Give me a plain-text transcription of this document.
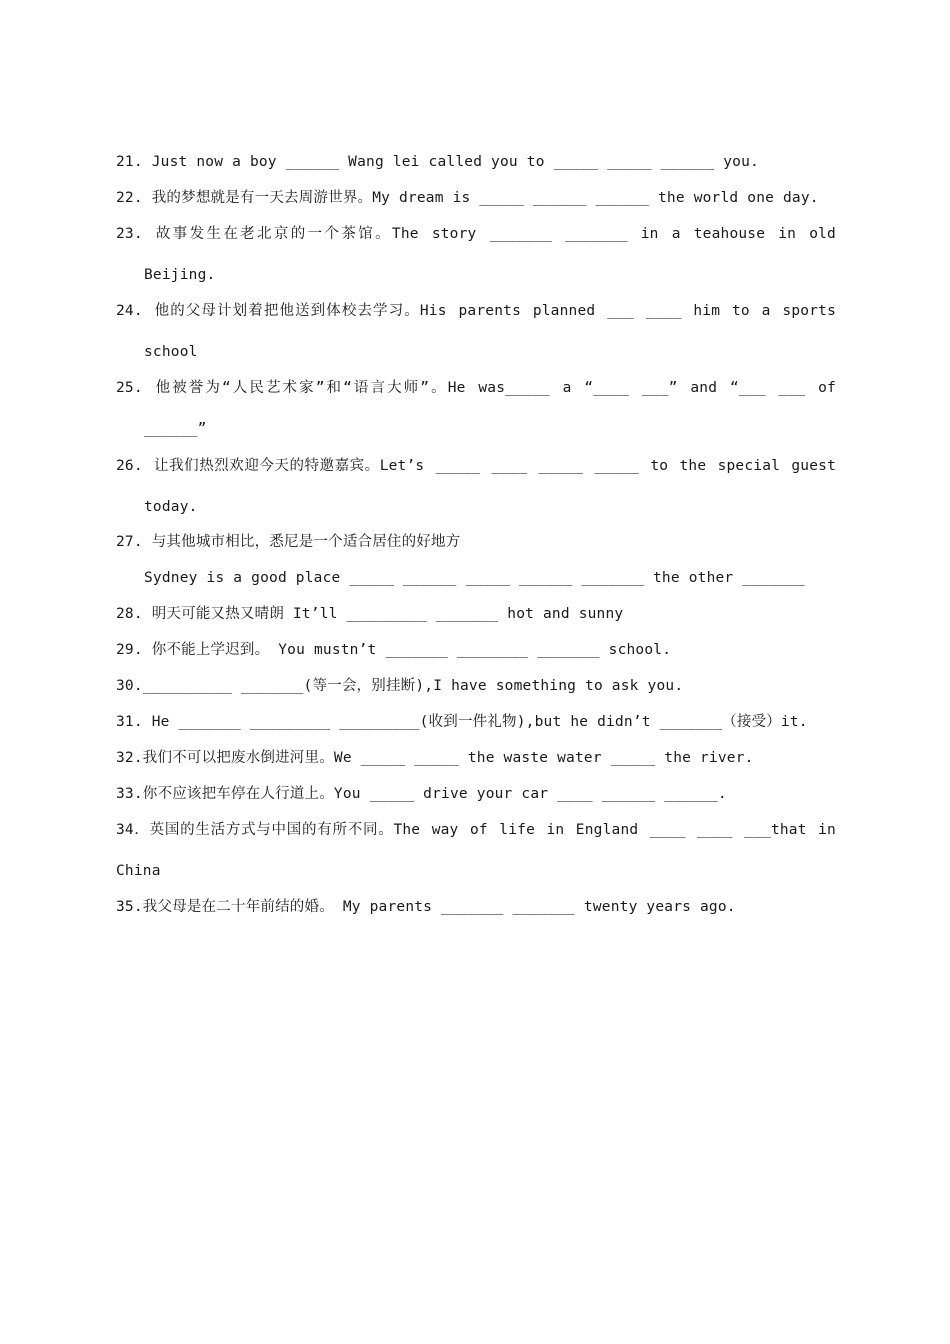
21. Just now a boy ______ Wang lei called you to _____ _____ ______ you.
22. 我的梦想就是有一天去周游世界。My dream is _____ ______ ______ the world one day.
23. 故事发生在老北京的一个茶馆。The story _______ _______ in a teahouse in old
Beijing.
24. 他的父母计划着把他送到体校去学习。His parents planned ___ ____ him to a sports
school
25. 他被誉为“人民艺术家”和“语言大师”。He was_____ a “____ ___” and “___ ___ of
______”
26. 让我们热烈欢迎今天的特邀嘉宾。Let’s _____ ____ _____ _____ to the special guest
today.
27. 与其他城市相比，悉尼是一个适合居住的好地方
Sydney is a good place _____ ______ _____ ______ _______ the other _______
28. 明天可能又热又晴朗 It’ll _________ _______ hot and sunny
29. 你不能上学迟到。 You mustn’t _______ ________ _______ school.
30.__________ _______(等一会，别挂断),I have something to ask you.
31. He _______ _________ _________(收到一件礼物),but he didn’t _______（接受）it.
32.我们不可以把废水倒进河里。We _____ _____ the waste water _____ the river.
33.你不应该把车停在人行道上。You _____ drive your car ____ ______ ______.
34．英国的生活方式与中国的有所不同。The way of life in England ____ ____ ___that in
China
35.我父母是在二十年前结的婚。 My parents _______ _______ twenty years ago.
